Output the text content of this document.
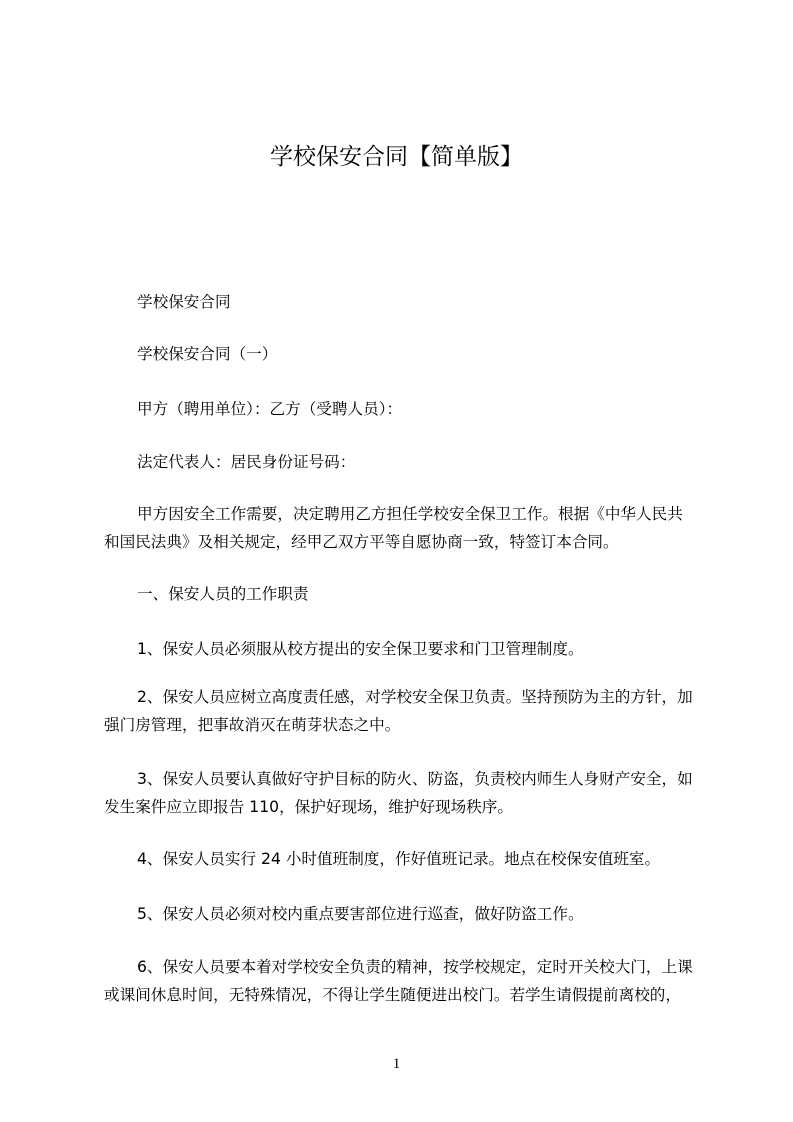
学校保安合同【简单版】
学校保安合同
学校保安合同（一）
甲方（聘用单位）：乙方（受聘人员）：
法定代表人：居民身份证号码：
甲方因安全工作需要，决定聘用乙方担任学校安全保卫工作。根据《中华人民共
和国民法典》及相关规定，经甲乙双方平等自愿协商一致，特签订本合同。
一、保安人员的工作职责
1、保安人员必须服从校方提出的安全保卫要求和门卫管理制度。
2、保安人员应树立高度责任感，对学校安全保卫负责。坚持预防为主的方针，加
强门房管理，把事故消灭在萌芽状态之中。
3、保安人员要认真做好守护目标的防火、防盗，负责校内师生人身财产安全，如
发生案件应立即报告 110，保护好现场，维护好现场秩序。
4、保安人员实行 24 小时值班制度，作好值班记录。地点在校保安值班室。
5、保安人员必须对校内重点要害部位进行巡查，做好防盗工作。
6、保安人员要本着对学校安全负责的精神，按学校规定，定时开关校大门，上课
或课间休息时间，无特殊情况，不得让学生随便进出校门。若学生请假提前离校的，
1
